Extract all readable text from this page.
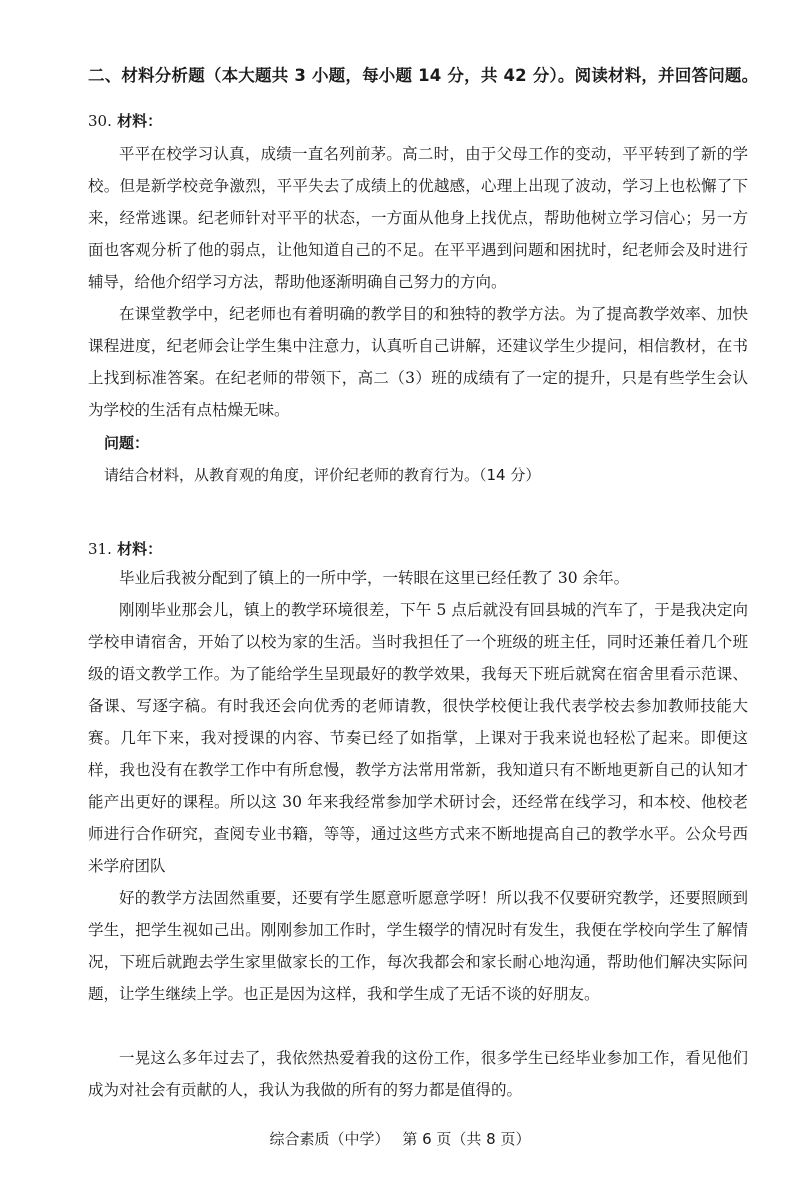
二、材料分析题（本大题共 3 小题，每小题 14 分，共 42 分）。阅读材料，并回答问题。
30. 材料：

平平在校学习认真，成绩一直名列前茅。高二时，由于父母工作的变动，平平转到了新的学校。但是新学校竞争激烈，平平失去了成绩上的优越感，心理上出现了波动，学习上也松懈了下来，经常逃课。纪老师针对平平的状态，一方面从他身上找优点，帮助他树立学习信心；另一方面也客观分析了他的弱点，让他知道自己的不足。在平平遇到问题和困扰时，纪老师会及时进行辅导，给他介绍学习方法，帮助他逐渐明确自己努力的方向。

在课堂教学中，纪老师也有着明确的教学目的和独特的教学方法。为了提高教学效率、加快课程进度，纪老师会让学生集中注意力，认真听自己讲解，还建议学生少提问，相信教材，在书上找到标准答案。在纪老师的带领下，高二（3）班的成绩有了一定的提升，只是有些学生会认为学校的生活有点枯燥无味。

问题：
请结合材料，从教育观的角度，评价纪老师的教育行为。（14 分）
31. 材料：

毕业后我被分配到了镇上的一所中学，一转眼在这里已经任教了 30 余年。

刚刚毕业那会儿，镇上的教学环境很差，下午 5 点后就没有回县城的汽车了，于是我决定向学校申请宿舍，开始了以校为家的生活。当时我担任了一个班级的班主任，同时还兼任着几个班级的语文教学工作。为了能给学生呈现最好的教学效果，我每天下班后就窝在宿舍里看示范课、备课、写逐字稿。有时我还会向优秀的老师请教，很快学校便让我代表学校去参加教师技能大赛。几年下来，我对授课的内容、节奏已经了如指掌，上课对于我来说也轻松了起来。即便这样，我也没有在教学工作中有所怠慢，教学方法常用常新，我知道只有不断地更新自己的认知才能产出更好的课程。所以这 30 年来我经常参加学术研讨会，还经常在线学习，和本校、他校老师进行合作研究，查阅专业书籍，等等，通过这些方式来不断地提高自己的教学水平。公众号西米学府团队

好的教学方法固然重要，还要有学生愿意听愿意学呀！所以我不仅要研究教学，还要照顾到学生，把学生视如己出。刚刚参加工作时，学生辍学的情况时有发生，我便在学校向学生了解情况，下班后就跑去学生家里做家长的工作，每次我都会和家长耐心地沟通，帮助他们解决实际问题，让学生继续上学。也正是因为这样，我和学生成了无话不谈的好朋友。

一晃这么多年过去了，我依然热爱着我的这份工作，很多学生已经毕业参加工作，看见他们成为对社会有贡献的人，我认为我做的所有的努力都是值得的。

综合素质（中学） 第 6 页（共 8 页）
